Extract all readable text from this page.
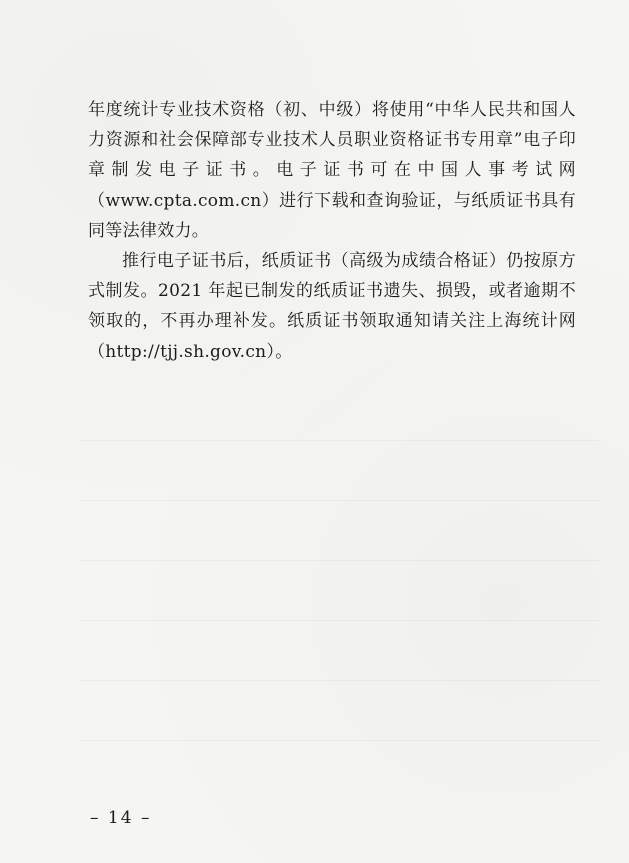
年度统计专业技术资格（初、中级）将使用“中华人民共和国人力资源和社会保障部专业技术人员职业资格证书专用章”电子印章制发电子证书。电子证书可在中国人事考试网（www.cpta.com.cn）进行下载和查询验证，与纸质证书具有同等法律效力。

推行电子证书后，纸质证书（高级为成绩合格证）仍按原方式制发。2021 年起已制发的纸质证书遗失、损毁，或者逾期不领取的，不再办理补发。纸质证书领取通知请关注上海统计网（http://tjj.sh.gov.cn）。

– 14 –
